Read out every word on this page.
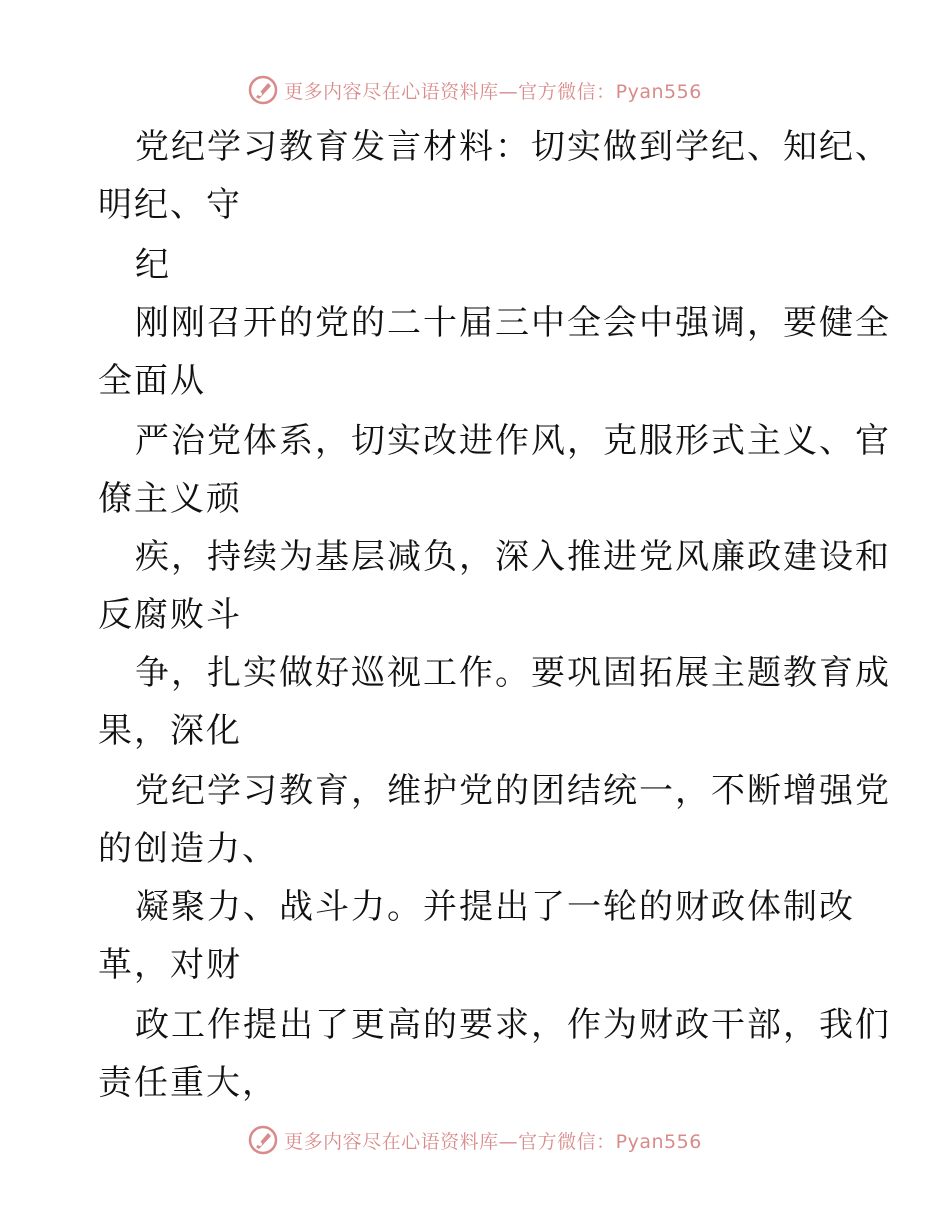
更多内容尽在心语资料库—官方微信：Pyan556
党纪学习教育发言材料：切实做到学纪、知纪、
明纪、守
纪
刚刚召开的党的二十届三中全会中强调，要健全
全面从
严治党体系，切实改进作风，克服形式主义、官
僚主义顽
疾，持续为基层减负，深入推进党风廉政建设和
反腐败斗
争，扎实做好巡视工作。要巩固拓展主题教育成
果，深化
党纪学习教育，维护党的团结统一，不断增强党
的创造力、
凝聚力、战斗力。并提出了一轮的财政体制改
革，对财
政工作提出了更高的要求，作为财政干部，我们
责任重大，
更多内容尽在心语资料库—官方微信：Pyan556
